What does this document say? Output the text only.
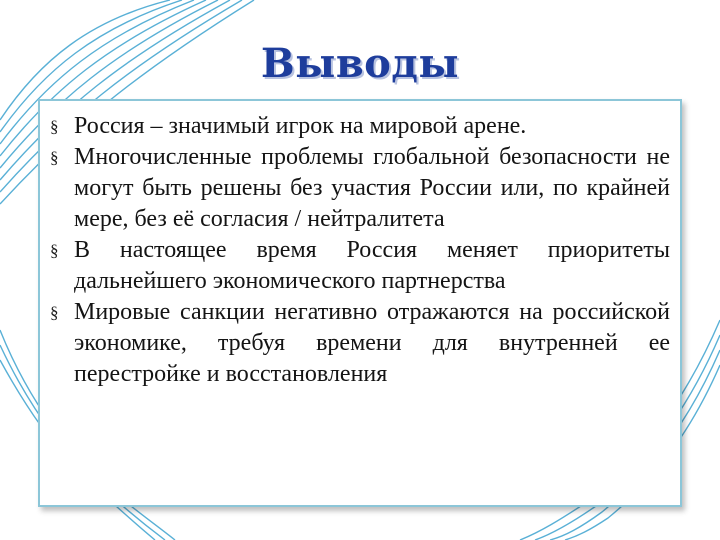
Выводы
§ Россия – значимый игрок на мировой арене.
§ Многочисленные проблемы глобальной безопасности не могут быть решены без участия России или, по крайней мере, без её согласия / нейтралитета
§ В настоящее время Россия меняет приоритеты дальнейшего экономического партнерства
§ Мировые санкции негативно отражаются на российской экономике, требуя времени для внутренней ее перестройке и восстановления
